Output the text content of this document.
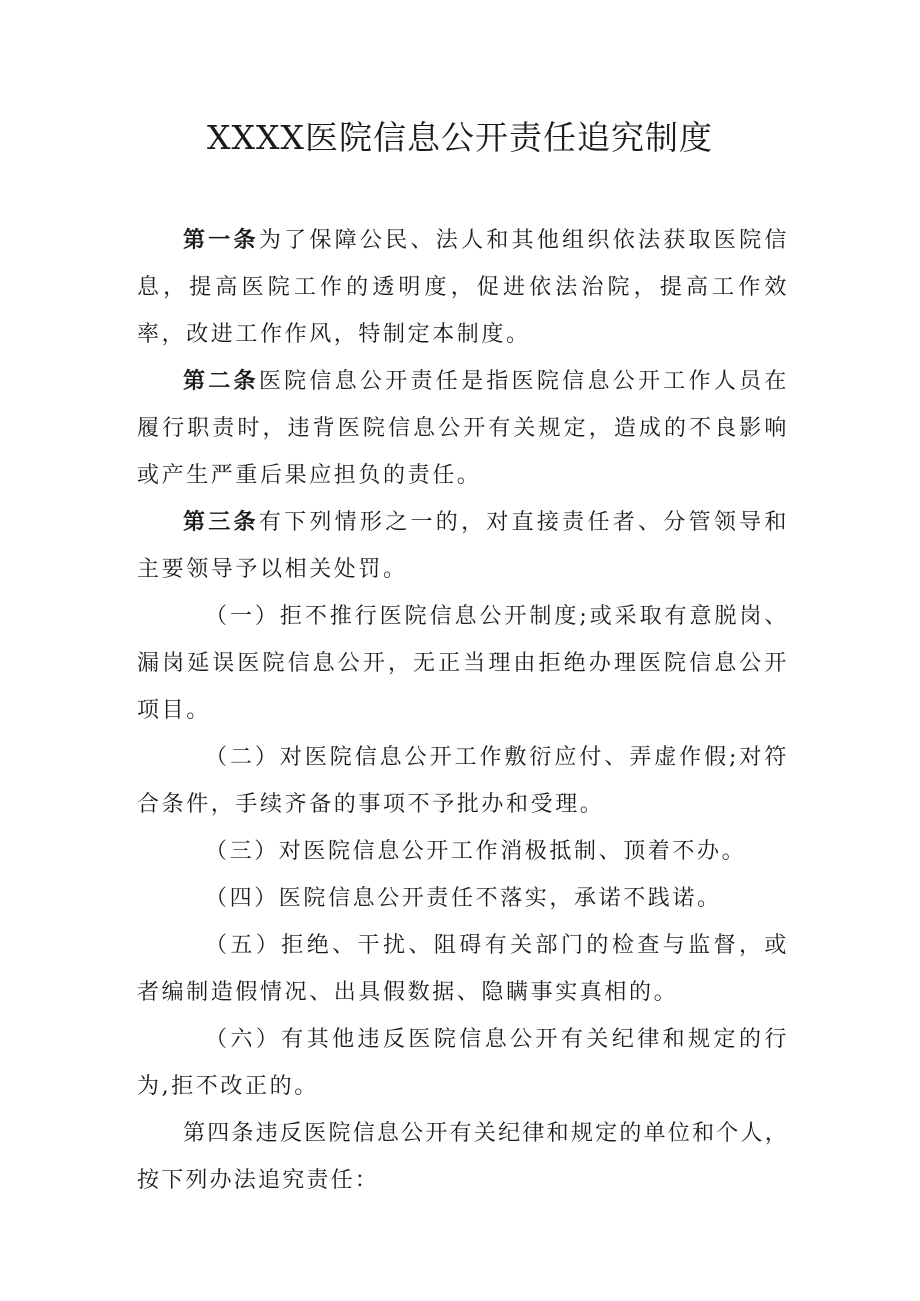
XXXX医院信息公开责任追究制度

第一条为了保障公民、法人和其他组织依法获取医院信息，提高医院工作的透明度，促进依法治院，提高工作效率，改进工作作风，特制定本制度。

第二条医院信息公开责任是指医院信息公开工作人员在履行职责时，违背医院信息公开有关规定，造成的不良影响或产生严重后果应担负的责任。

第三条有下列情形之一的，对直接责任者、分管领导和主要领导予以相关处罚。

（一）拒不推行医院信息公开制度;或采取有意脱岗、漏岗延误医院信息公开，无正当理由拒绝办理医院信息公开项目。

（二）对医院信息公开工作敷衍应付、弄虚作假;对符合条件，手续齐备的事项不予批办和受理。

（三）对医院信息公开工作消极抵制、顶着不办。

（四）医院信息公开责任不落实，承诺不践诺。

（五）拒绝、干扰、阻碍有关部门的检查与监督，或者编制造假情况、出具假数据、隐瞒事实真相的。

（六）有其他违反医院信息公开有关纪律和规定的行为,拒不改正的。

第四条违反医院信息公开有关纪律和规定的单位和个人，按下列办法追究责任：
